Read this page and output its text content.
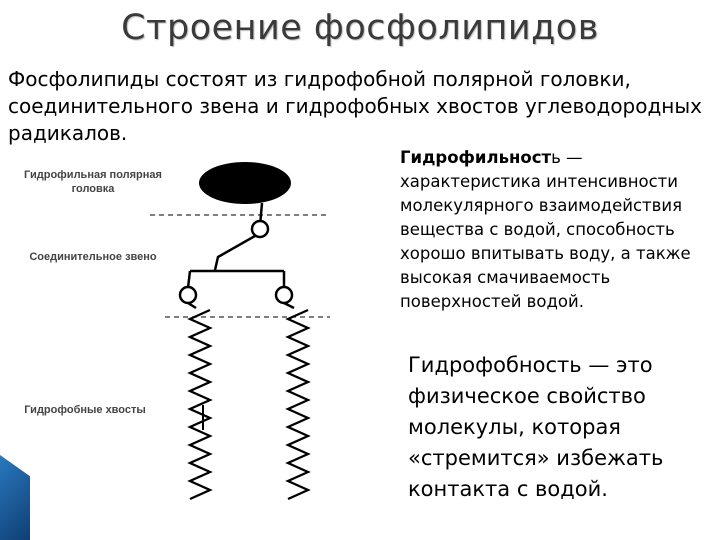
Строение фосфолипидов
Фосфолипиды состоят из гидрофобной полярной головки, соединительного звена и гидрофобных хвостов углеводородных радикалов.
Гидрофильная полярная головка
Соединительное звено
Гидрофобные хвосты
Гидрофильность — характеристика интенсивности молекулярного взаимодействия вещества с водой, способность хорошо впитывать воду, а также высокая смачиваемость поверхностей водой.
Гидрофобность — это физическое свойство молекулы, которая «стремится» избежать контакта с водой.
